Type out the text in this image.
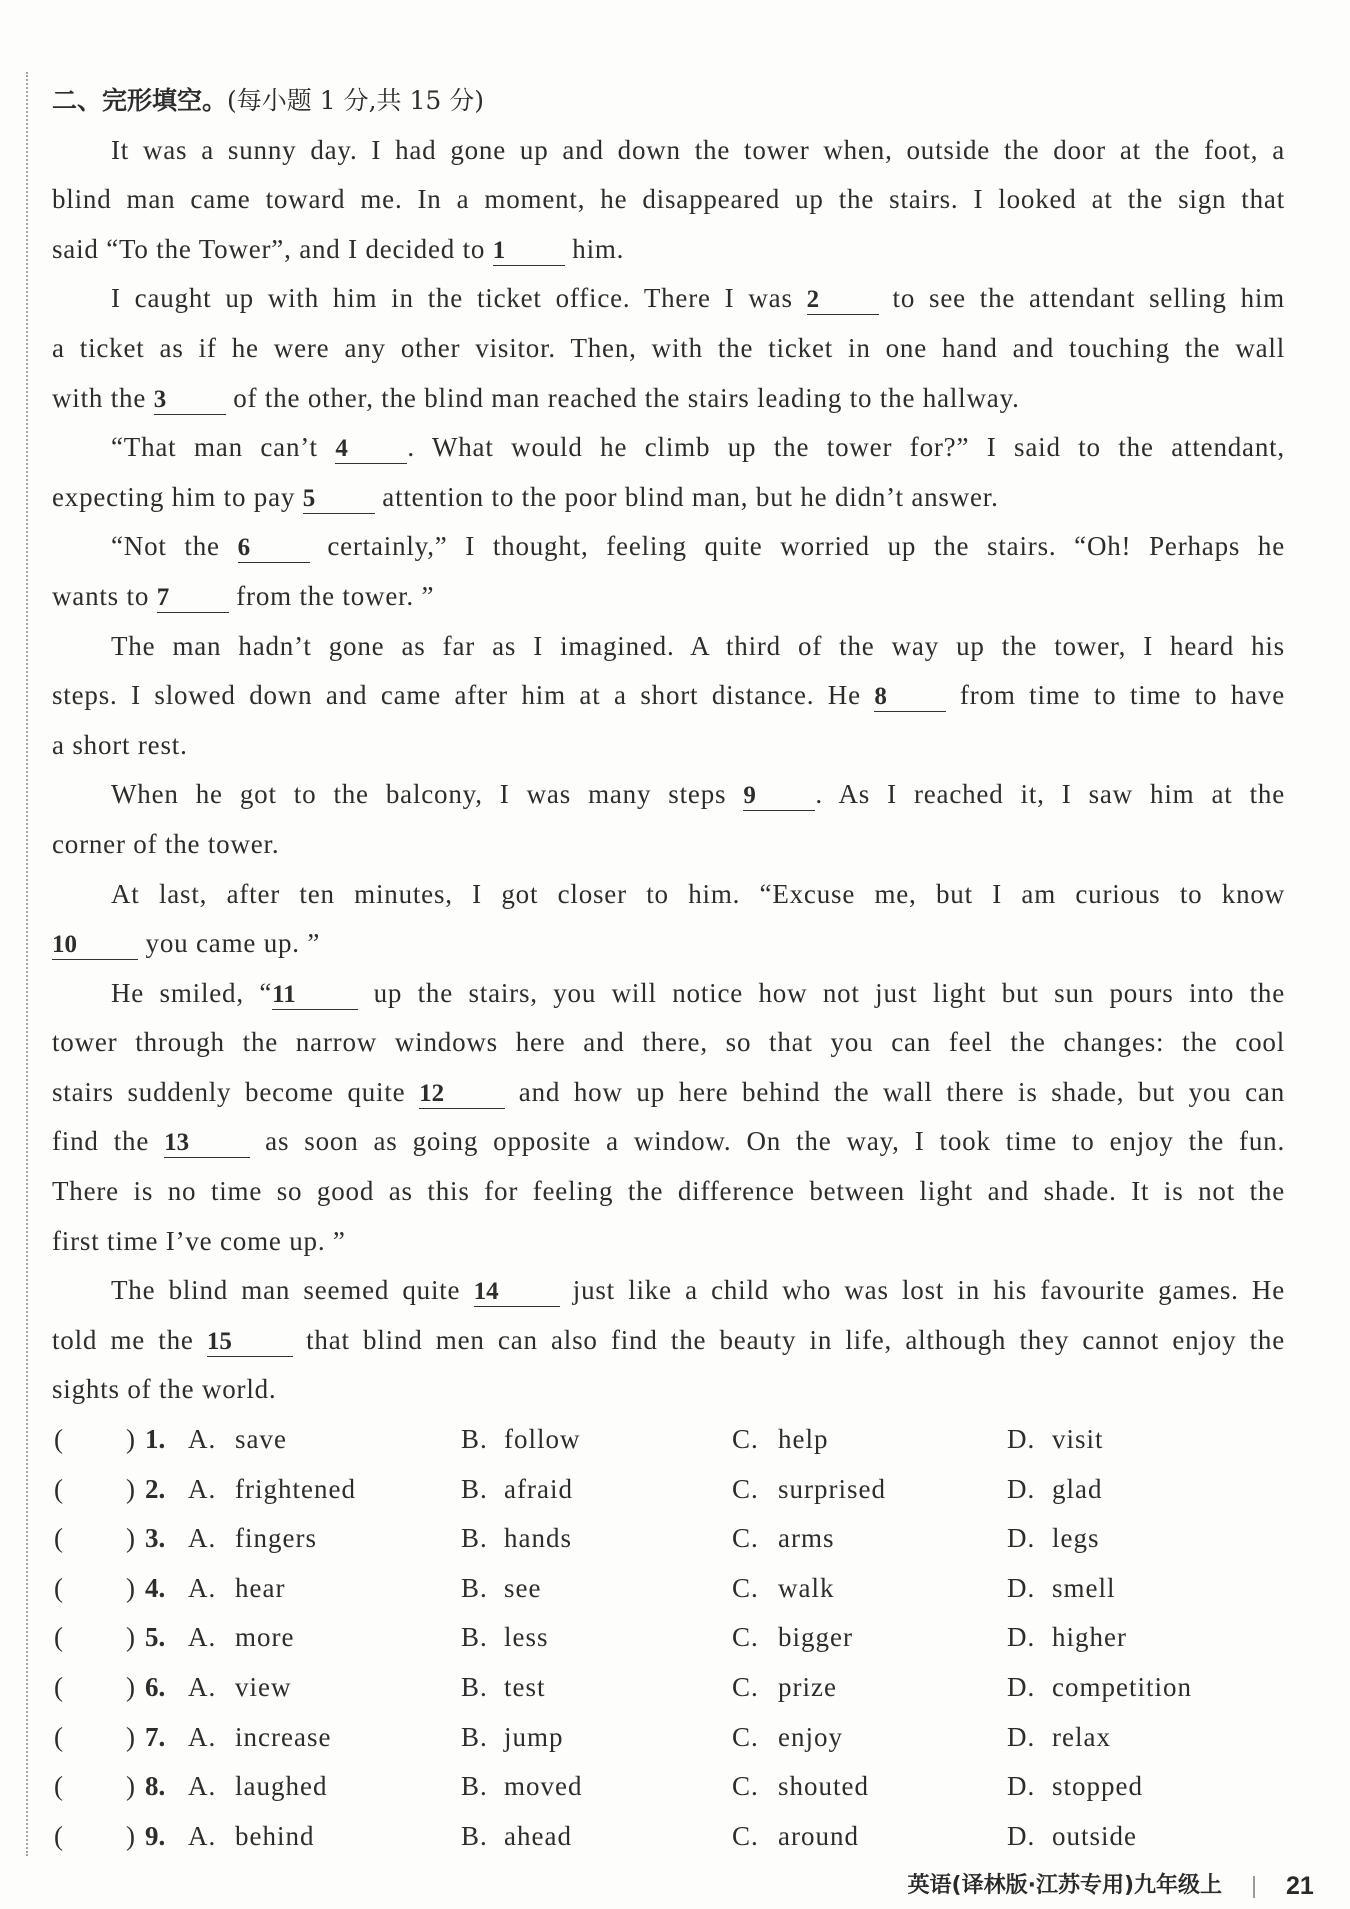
二、完形填空。(每小题 1 分,共 15 分)
It was a sunny day. I had gone up and down the tower when, outside the door at the foot, a
blind man came toward me. In a moment, he disappeared up the stairs. I looked at the sign that
said “To the Tower”, and I decided to 1 him.
I caught up with him in the ticket office. There I was 2 to see the attendant selling him
a ticket as if he were any other visitor. Then, with the ticket in one hand and touching the wall
with the 3 of the other, the blind man reached the stairs leading to the hallway.
“That man can’t 4 . What would he climb up the tower for?” I said to the attendant,
expecting him to pay 5 attention to the poor blind man, but he didn’t answer.
“Not the 6 certainly,” I thought, feeling quite worried up the stairs. “Oh! Perhaps he
wants to 7 from the tower. ”
The man hadn’t gone as far as I imagined. A third of the way up the tower, I heard his
steps. I slowed down and came after him at a short distance. He 8 from time to time to have
a short rest.
When he got to the balcony, I was many steps 9 . As I reached it, I saw him at the
corner of the tower.
At last, after ten minutes, I got closer to him. “Excuse me, but I am curious to know
10 you came up. ”
He smiled, “11 up the stairs, you will notice how not just light but sun pours into the
tower through the narrow windows here and there, so that you can feel the changes: the cool
stairs suddenly become quite 12 and how up here behind the wall there is shade, but you can
find the 13 as soon as going opposite a window. On the way, I took time to enjoy the fun.
There is no time so good as this for feeling the difference between light and shade. It is not the
first time I’ve come up. ”
The blind man seemed quite 14 just like a child who was lost in his favourite games. He
told me the 15 that blind men can also find the beauty in life, although they cannot enjoy the
sights of the world.
( ) 1. A. save	B. follow	C. help	D. visit
( ) 2. A. frightened	B. afraid	C. surprised	D. glad
( ) 3. A. fingers	B. hands	C. arms	D. legs
( ) 4. A. hear	B. see	C. walk	D. smell
( ) 5. A. more	B. less	C. bigger	D. higher
( ) 6. A. view	B. test	C. prize	D. competition
( ) 7. A. increase	B. jump	C. enjoy	D. relax
( ) 8. A. laughed	B. moved	C. shouted	D. stopped
( ) 9. A. behind	B. ahead	C. around	D. outside
英语(译林版·江苏专用)九年级上	21
